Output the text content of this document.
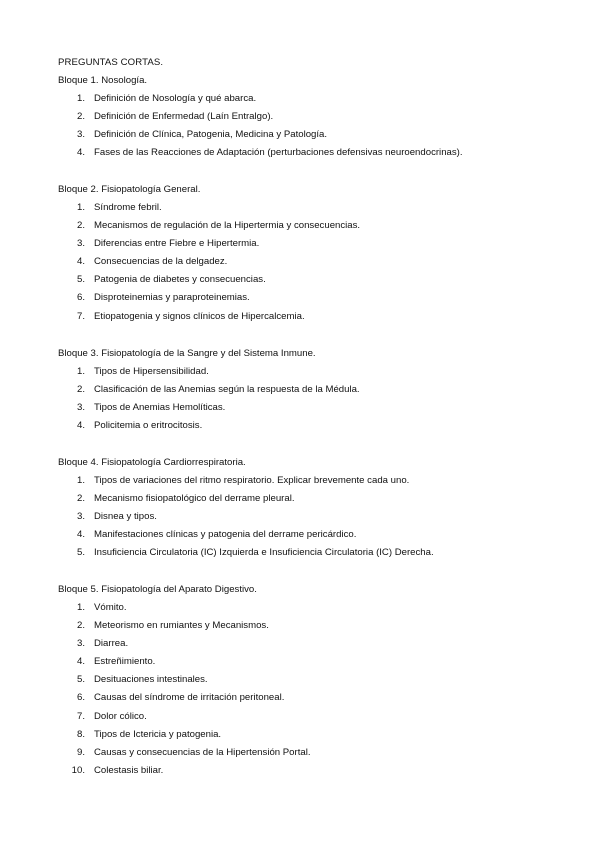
PREGUNTAS CORTAS.
Bloque 1. Nosología.
1. Definición de Nosología y qué abarca.
2. Definición de Enfermedad (Laín Entralgo).
3. Definición de Clínica, Patogenia, Medicina y Patología.
4. Fases de las Reacciones de Adaptación (perturbaciones defensivas neuroendocrinas).
Bloque 2. Fisiopatología General.
1. Síndrome febril.
2. Mecanismos de regulación de la Hipertermia y consecuencias.
3. Diferencias entre Fiebre e Hipertermia.
4. Consecuencias de la delgadez.
5. Patogenia de diabetes y consecuencias.
6. Disproteinemias y paraproteinemias.
7. Etiopatogenia y signos clínicos de Hipercalcemia.
Bloque 3. Fisiopatología de la Sangre y del Sistema Inmune.
1. Tipos de Hipersensibilidad.
2. Clasificación de las Anemias según la respuesta de la Médula.
3. Tipos de Anemias Hemolíticas.
4. Policitemia o eritrocitosis.
Bloque 4. Fisiopatología Cardiorrespiratoria.
1. Tipos de variaciones del ritmo respiratorio. Explicar brevemente cada uno.
2. Mecanismo fisiopatológico del derrame pleural.
3. Disnea y tipos.
4. Manifestaciones clínicas y patogenia del derrame pericárdico.
5. Insuficiencia Circulatoria (IC) Izquierda e Insuficiencia Circulatoria (IC) Derecha.
Bloque 5. Fisiopatología del Aparato Digestivo.
1. Vómito.
2. Meteorismo en rumiantes y Mecanismos.
3. Diarrea.
4. Estreñimiento.
5. Desituaciones intestinales.
6. Causas del síndrome de irritación peritoneal.
7. Dolor cólico.
8. Tipos de Ictericia y patogenia.
9. Causas y consecuencias de la Hipertensión Portal.
10. Colestasis biliar.
